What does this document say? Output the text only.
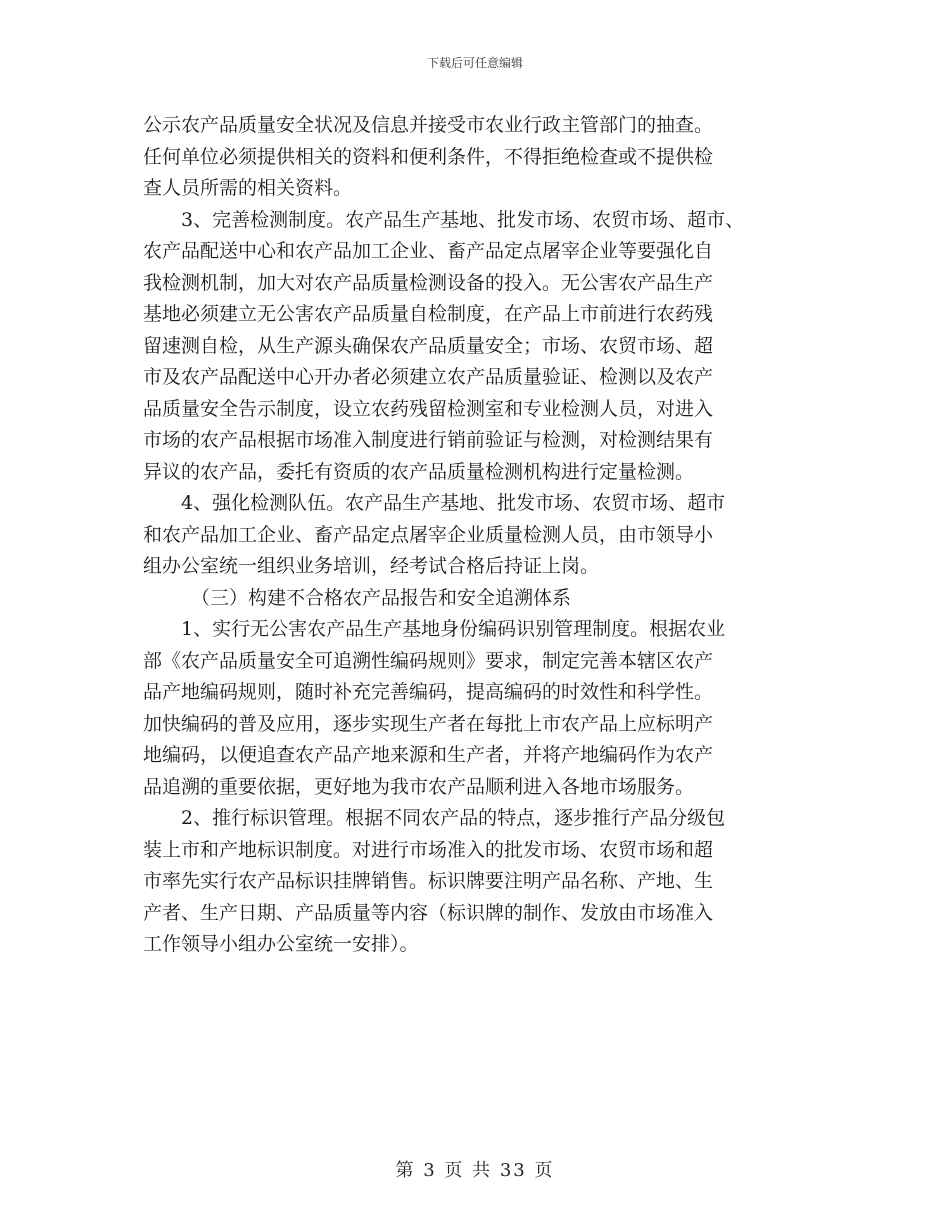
下载后可任意编辑
公示农产品质量安全状况及信息并接受市农业行政主管部门的抽查。
任何单位必须提供相关的资料和便利条件，不得拒绝检查或不提供检
查人员所需的相关资料。
3、完善检测制度。农产品生产基地、批发市场、农贸市场、超市、
农产品配送中心和农产品加工企业、畜产品定点屠宰企业等要强化自
我检测机制，加大对农产品质量检测设备的投入。无公害农产品生产
基地必须建立无公害农产品质量自检制度，在产品上市前进行农药残
留速测自检，从生产源头确保农产品质量安全；市场、农贸市场、超
市及农产品配送中心开办者必须建立农产品质量验证、检测以及农产
品质量安全告示制度，设立农药残留检测室和专业检测人员，对进入
市场的农产品根据市场准入制度进行销前验证与检测，对检测结果有
异议的农产品，委托有资质的农产品质量检测机构进行定量检测。
4、强化检测队伍。农产品生产基地、批发市场、农贸市场、超市
和农产品加工企业、畜产品定点屠宰企业质量检测人员，由市领导小
组办公室统一组织业务培训，经考试合格后持证上岗。
（三）构建不合格农产品报告和安全追溯体系
1、实行无公害农产品生产基地身份编码识别管理制度。根据农业
部《农产品质量安全可追溯性编码规则》要求，制定完善本辖区农产
品产地编码规则，随时补充完善编码，提高编码的时效性和科学性。
加快编码的普及应用，逐步实现生产者在每批上市农产品上应标明产
地编码，以便追查农产品产地来源和生产者，并将产地编码作为农产
品追溯的重要依据，更好地为我市农产品顺利进入各地市场服务。
2、推行标识管理。根据不同农产品的特点，逐步推行产品分级包
装上市和产地标识制度。对进行市场准入的批发市场、农贸市场和超
市率先实行农产品标识挂牌销售。标识牌要注明产品名称、产地、生
产者、生产日期、产品质量等内容（标识牌的制作、发放由市场准入
工作领导小组办公室统一安排）。
第 3 页 共 33 页
